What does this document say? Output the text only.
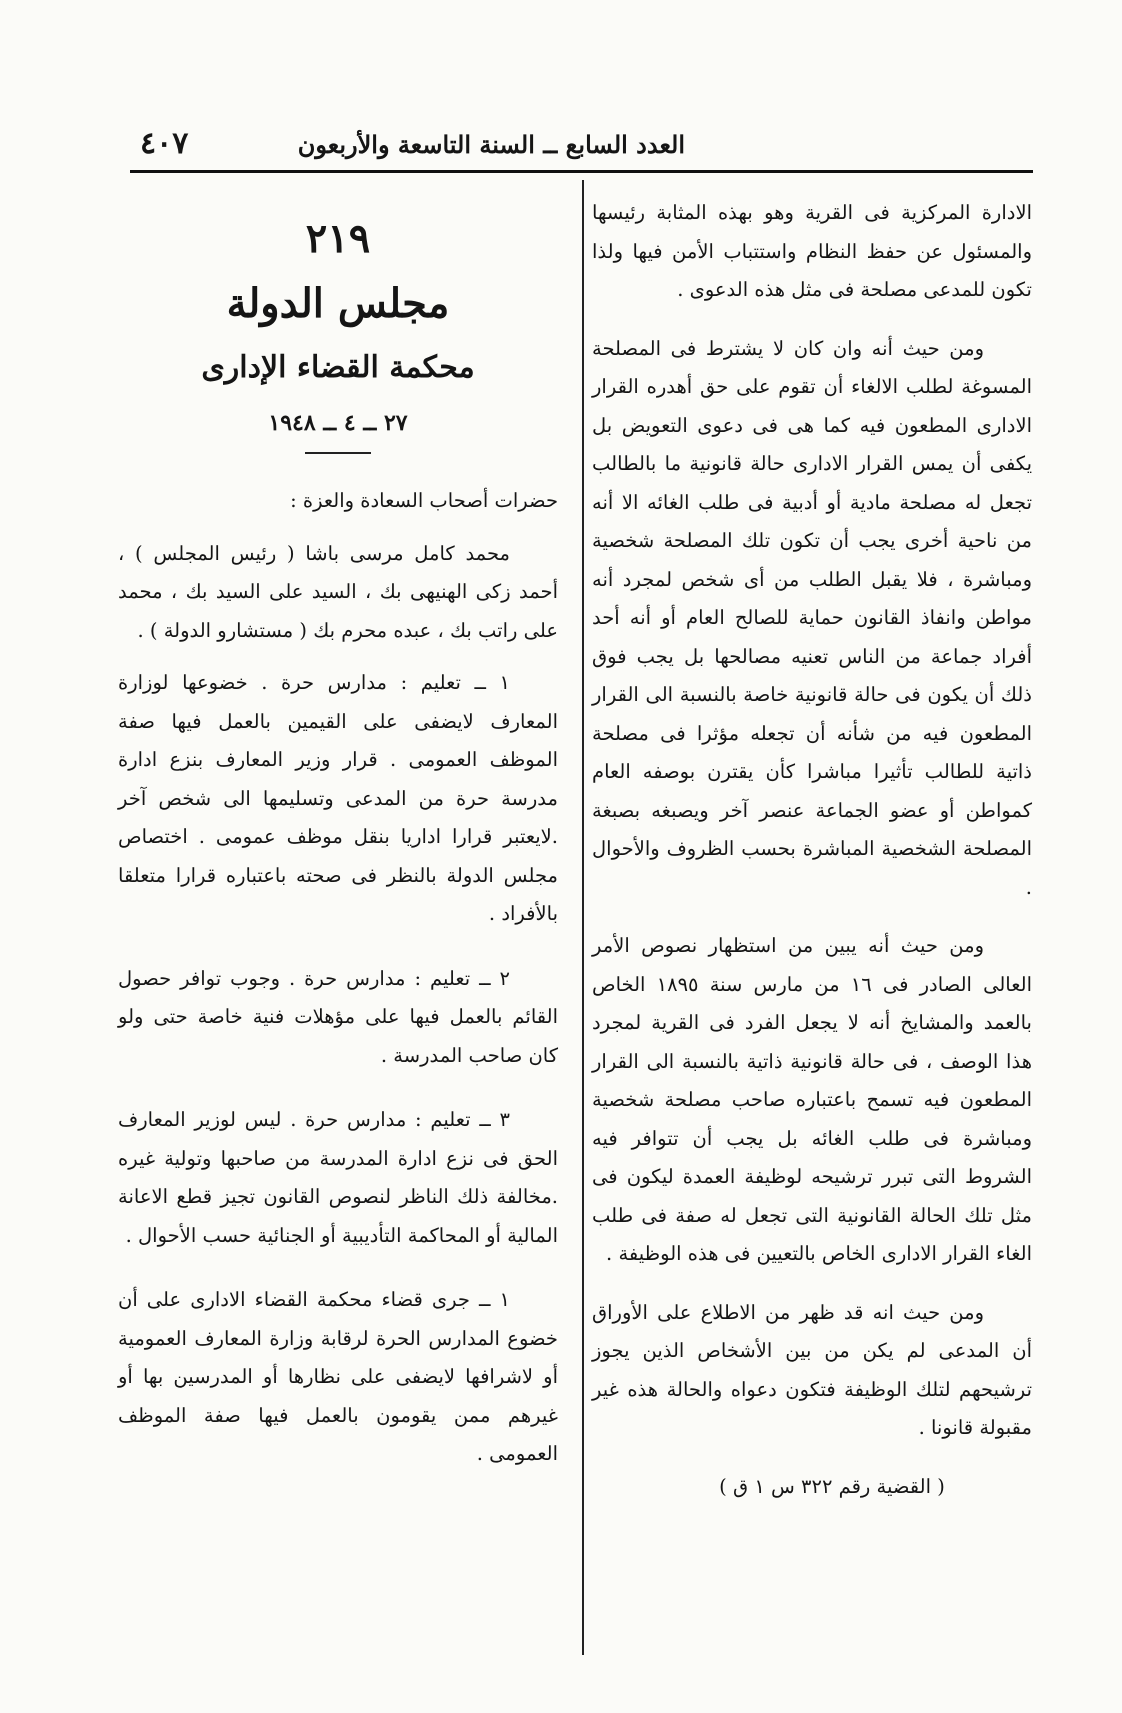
العدد السابع ــ السنة التاسعة والأربعون
٤٠٧

الادارة المركزية فى القرية وهو بهذه المثابة رئيسها والمسئول عن حفظ النظام واستتباب الأمن فيها ولذا تكون للمدعى مصلحة فى مثل هذه الدعوى .

ومن حيث أنه وان كان لا يشترط فى المصلحة المسوغة لطلب الالغاء أن تقوم على حق أهدره القرار الادارى المطعون فيه كما هى فى دعوى التعويض بل يكفى أن يمس القرار الادارى حالة قانونية ما بالطالب تجعل له مصلحة مادية أو أدبية فى طلب الغائه الا أنه من ناحية أخرى يجب أن تكون تلك المصلحة شخصية ومباشرة ، فلا يقبل الطلب من أى شخص لمجرد أنه مواطن وانفاذ القانون حماية للصالح العام أو أنه أحد أفراد جماعة من الناس تعنيه مصالحها بل يجب فوق ذلك أن يكون فى حالة قانونية خاصة بالنسبة الى القرار المطعون فيه من شأنه أن تجعله مؤثرا فى مصلحة ذاتية للطالب تأثيرا مباشرا كأن يقترن بوصفه العام كمواطن أو عضو الجماعة عنصر آخر ويصبغه بصبغة المصلحة الشخصية المباشرة بحسب الظروف والأحوال .

ومن حيث أنه يبين من استظهار نصوص الأمر العالى الصادر فى ١٦ من مارس سنة ١٨٩٥ الخاص بالعمد والمشايخ أنه لا يجعل الفرد فى القرية لمجرد هذا الوصف ، فى حالة قانونية ذاتية بالنسبة الى القرار المطعون فيه تسمح باعتباره صاحب مصلحة شخصية ومباشرة فى طلب الغائه بل يجب أن تتوافر فيه الشروط التى تبرر ترشيحه لوظيفة العمدة ليكون فى مثل تلك الحالة القانونية التى تجعل له صفة فى طلب الغاء القرار الادارى الخاص بالتعيين فى هذه الوظيفة .

ومن حيث انه قد ظهر من الاطلاع على الأوراق أن المدعى لم يكن من بين الأشخاص الذين يجوز ترشيحهم لتلك الوظيفة فتكون دعواه والحالة هذه غير مقبولة قانونا .

( القضية رقم ٣٢٢ س ١ ق )
٢١٩
مجلس الدولة
محكمة القضاء الإدارى
٢٧ ــ ٤ ــ ١٩٤٨

حضرات أصحاب السعادة والعزة :

محمد كامل مرسى باشا ( رئيس المجلس ) ، أحمد زكى الهنيهى بك ، السيد على السيد بك ، محمد على راتب بك ، عبده محرم بك ( مستشارو الدولة ) .

١ ــ تعليم : مدارس حرة . خضوعها لوزارة المعارف لايضفى على القيمين بالعمل فيها صفة الموظف العمومى . قرار وزير المعارف بنزع ادارة مدرسة حرة من المدعى وتسليمها الى شخص آخر .لايعتبر قرارا اداريا بنقل موظف عمومى . اختصاص مجلس الدولة بالنظر فى صحته باعتباره قرارا متعلقا بالأفراد .

٢ ــ تعليم : مدارس حرة . وجوب توافر حصول القائم بالعمل فيها على مؤهلات فنية خاصة حتى ولو كان صاحب المدرسة .

٣ ــ تعليم : مدارس حرة . ليس لوزير المعارف الحق فى نزع ادارة المدرسة من صاحبها وتولية غيره .مخالفة ذلك الناظر لنصوص القانون تجيز قطع الاعانة المالية أو المحاكمة التأديبية أو الجنائية حسب الأحوال .

١ ــ جرى قضاء محكمة القضاء الادارى على أن خضوع المدارس الحرة لرقابة وزارة المعارف العمومية أو لاشرافها لايضفى على نظارها أو المدرسين بها أو غيرهم ممن يقومون بالعمل فيها صفة الموظف العمومى .
